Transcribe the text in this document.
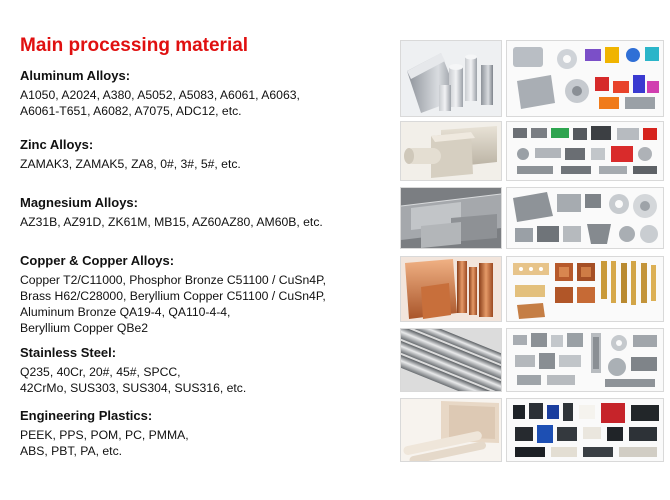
Main processing material
Aluminum Alloys:
A1050, A2024, A380, A5052, A5083, A6061, A6063,
A6061-T651, A6082, A7075, ADC12, etc.
Zinc Alloys:
ZAMAK3, ZAMAK5, ZA8, 0#, 3#, 5#, etc.
Magnesium Alloys:
AZ31B, AZ91D, ZK61M, MB15, AZ60AZ80, AM60B, etc.
Copper & Copper Alloys:
Copper T2/C11000, Phosphor Bronze C51100 / CuSn4P,
Brass H62/C28000, Beryllium Copper C51100 / CuSn4P,
Aluminum Bronze QA19-4, QA110-4-4,
Beryllium Copper QBe2
Stainless Steel:
Q235, 40Cr, 20#, 45#, SPCC,
42CrMo, SUS303, SUS304, SUS316, etc.
Engineering Plastics:
PEEK, PPS, POM, PC, PMMA,
ABS, PBT, PA, etc.
